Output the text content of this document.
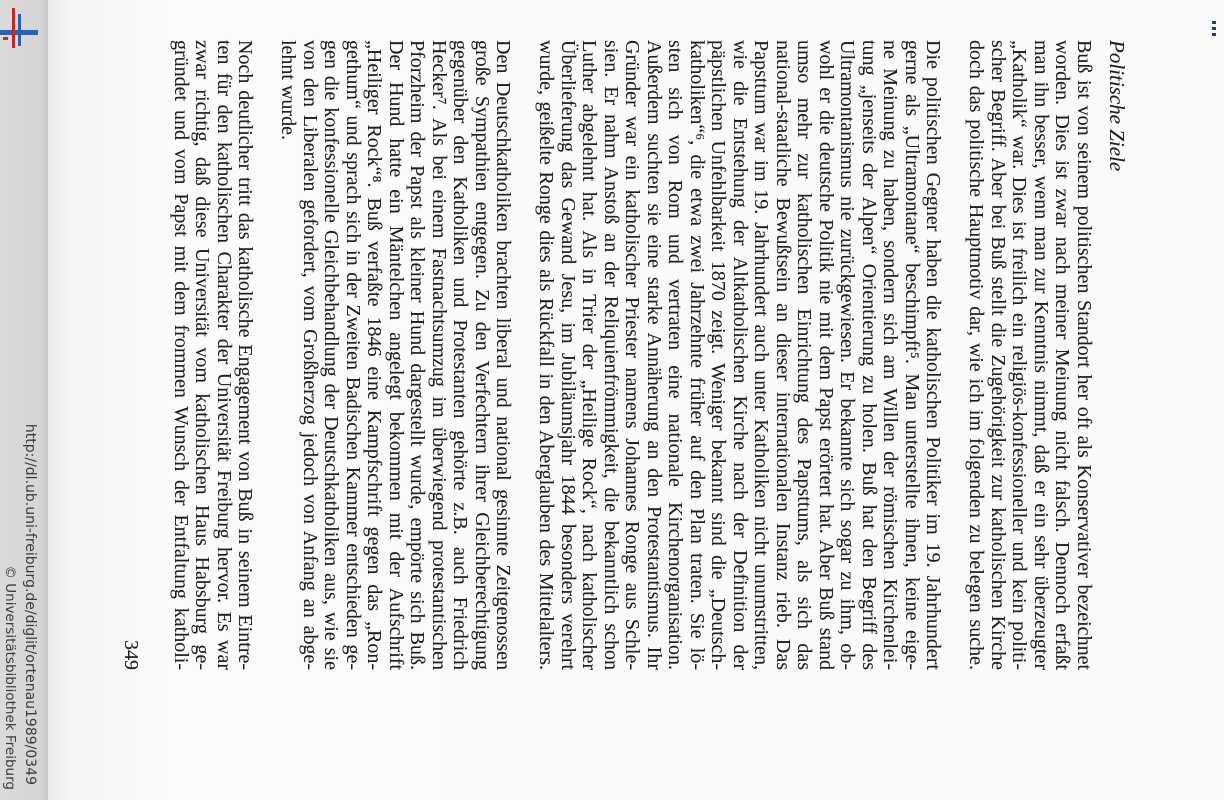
http://dl.ub.uni-freiburg.de/diglit/ortenau1989/0349
© Universitätsbibliothek Freiburg
Politische Ziele
Buß ist von seinem politischen Standort her oft als Konservativer bezeichnet
worden. Dies ist zwar nach meiner Meinung nicht falsch. Dennoch erfaßt
man ihn besser, wenn man zur Kenntnis nimmt, daß er ein sehr überzeugter
„Katholik“ war. Dies ist freilich ein religiös-konfessioneller und kein politi-
scher Begriff. Aber bei Buß stellt die Zugehörigkeit zur katholischen Kirche
doch das politische Hauptmotiv dar, wie ich im folgenden zu belegen suche.
Die politischen Gegner haben die katholischen Politiker im 19. Jahrhundert
gerne als „Ultramontane“ beschimpft⁵. Man unterstellte ihnen, keine eige-
ne Meinung zu haben, sondern sich am Willen der römischen Kirchenlei-
tung „jenseits der Alpen“ Orientierung zu holen. Buß hat den Begriff des
Ultramontanismus nie zurückgewiesen. Er bekannte sich sogar zu ihm, ob-
wohl er die deutsche Politik nie mit dem Papst erörtert hat. Aber Buß stand
umso mehr zur katholischen Einrichtung des Papsttums, als sich das
national-staatliche Bewußtsein an dieser internationalen Instanz rieb. Das
Papsttum war im 19. Jahrhundert auch unter Katholiken nicht unumstritten,
wie die Entstehung der Altkatholischen Kirche nach der Definition der
päpstlichen Unfehlbarkeit 1870 zeigt. Weniger bekannt sind die „Deutsch-
katholiken“⁶, die etwa zwei Jahrzehnte früher auf den Plan traten. Sie lö-
sten sich von Rom und vertraten eine nationale Kirchenorganisation.
Außerdem suchten sie eine starke Annäherung an den Protestantismus. Ihr
Gründer war ein katholischer Priester namens Johannes Ronge aus Schle-
sien. Er nahm Anstoß an der Reliquienfrömmigkeit, die bekanntlich schon
Luther abgelehnt hat. Als in Trier der „Heilige Rock“, nach katholischer
Überlieferung das Gewand Jesu, im Jubiläumsjahr 1844 besonders verehrt
wurde, geißelte Ronge dies als Rückfall in den Aberglauben des Mittelalters.
Den Deutschkatholiken brachten liberal und national gesinnte Zeitgenossen
große Sympathien entgegen. Zu den Verfechtern ihrer Gleichberechtigung
gegenüber den Katholiken und Protestanten gehörte z.B. auch Friedrich
Hecker⁷. Als bei einem Fastnachtsumzug im überwiegend protestantischen
Pforzheim der Papst als kleiner Hund dargestellt wurde, empörte sich Buß.
Der Hund hatte ein Mäntelchen angelegt bekommen mit der Aufschrift
„Heiliger Rock“⁸. Buß verfaßte 1846 eine Kampfschrift gegen das „Ron-
gethum“ und sprach sich in der Zweiten Badischen Kammer entschieden ge-
gen die konfessionelle Gleichbehandlung der Deutschkatholiken aus, wie sie
von den Liberalen gefordert, vom Großherzog jedoch von Anfang an abge-
lehnt wurde.
Noch deutlicher tritt das katholische Engagement von Buß in seinem Eintre-
ten für den katholischen Charakter der Universität Freiburg hervor. Es war
zwar richtig, daß diese Universität vom katholischen Haus Habsburg ge-
gründet und vom Papst mit dem frommen Wunsch der Entfaltung katholi-
349
